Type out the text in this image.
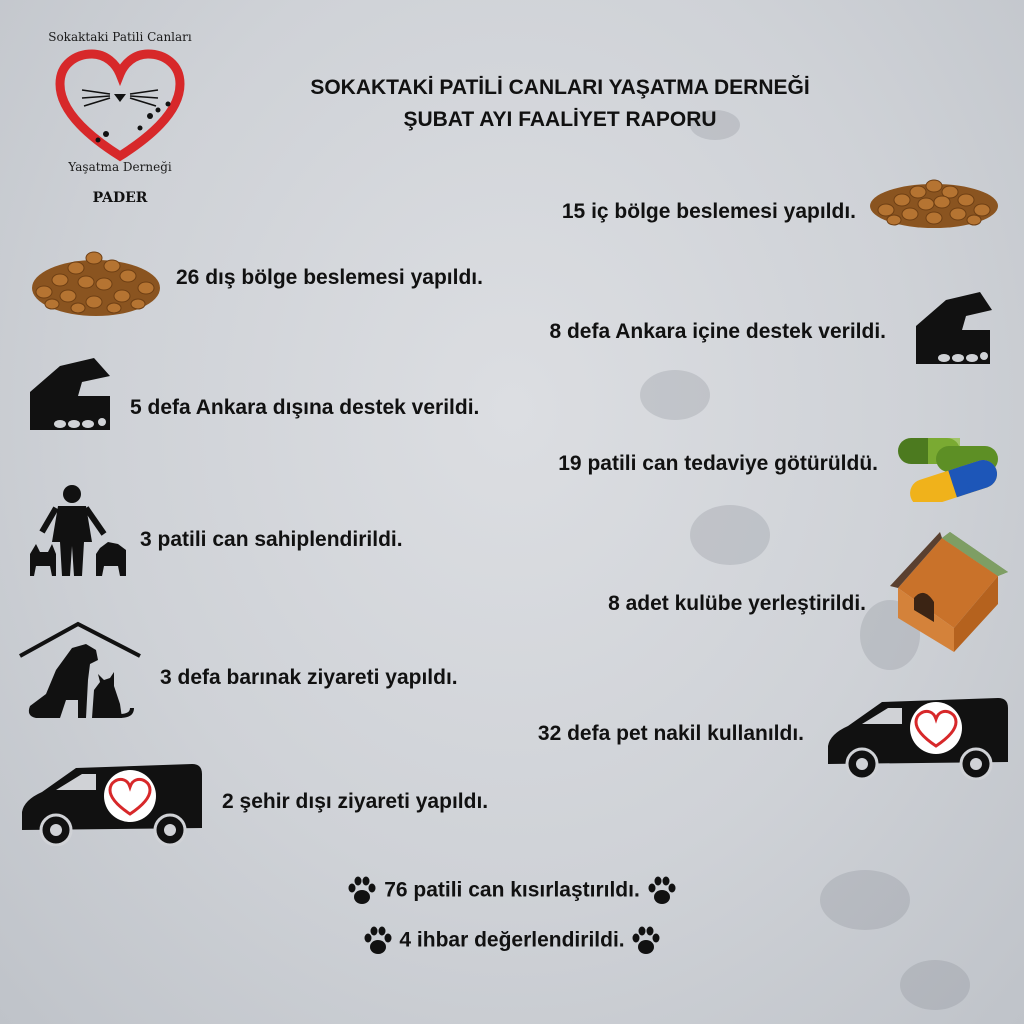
Sokaktaki Patili Canları
Yaşatma Derneği
PADER
SOKAKTAKİ PATİLİ CANLARI YAŞATMA DERNEĞİ
ŞUBAT AYI FAALİYET RAPORU
15 iç bölge beslemesi yapıldı.
26 dış bölge beslemesi yapıldı.
8 defa Ankara içine destek verildi.
5 defa Ankara dışına destek verildi.
19 patili can tedaviye götürüldü.
3 patili can sahiplendirildi.
8 adet kulübe yerleştirildi.
3 defa barınak ziyareti yapıldı.
32 defa pet nakil kullanıldı.
2 şehir dışı ziyareti yapıldı.
76 patili can kısırlaştırıldı.
4 ihbar değerlendirildi.
